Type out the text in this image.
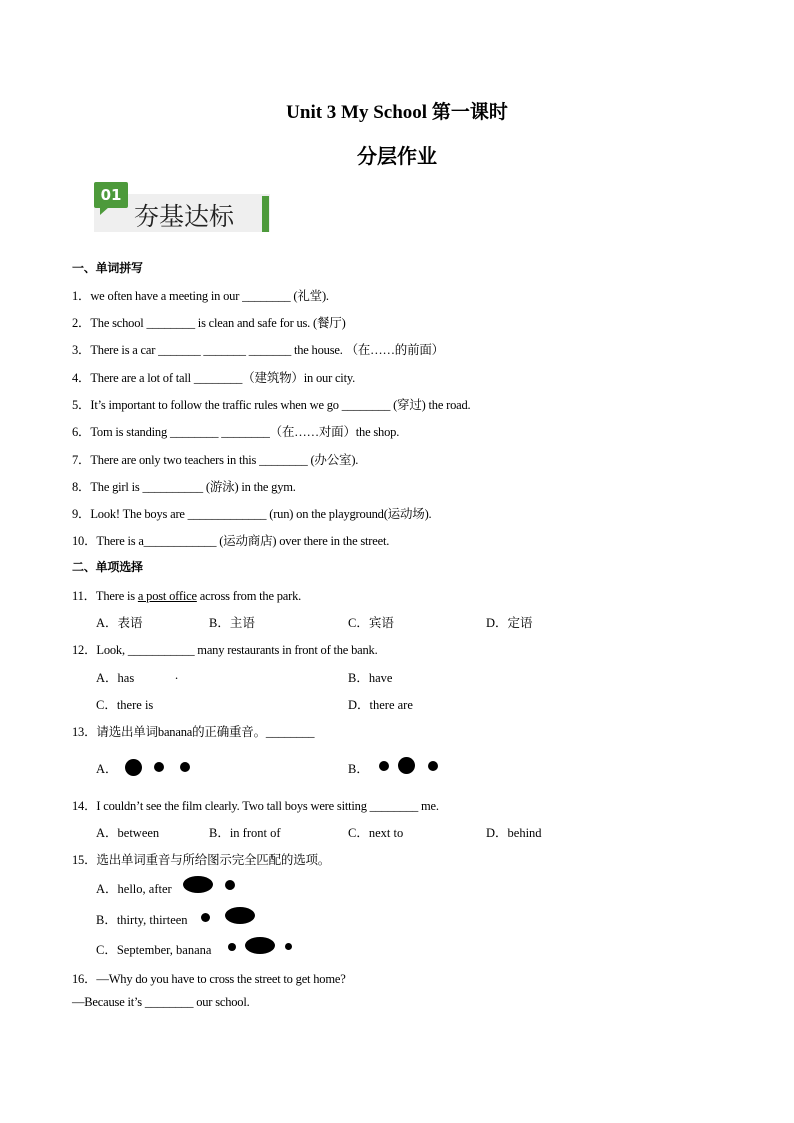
Unit 3 My School 第一课时
分层作业
01
夯基达标
一、单词拼写
1．we often have a meeting in our ________ (礼堂).
2．The school ________ is clean and safe for us. (餐厅)
3．There is a car _______ _______ _______ the house. （在……的前面）
4．There are a lot of tall ________（建筑物）in our city.
5．It’s important to follow the traffic rules when we go ________ (穿过) the road.
6．Tom is standing ________ ________（在……对面）the shop.
7．There are only two teachers in this ________ (办公室).
8．The girl is __________ (游泳) in the gym.
9．Look! The boys are _____________ (run) on the playground(运动场).
10．There is a____________ (运动商店) over there in the street.
二、单项选择
11．There is a post office across from the park.
A．表语	B．主语	C．宾语	D．定语
12．Look, ___________ many restaurants in front of the bank.
A．has	.	B．have
C．there is	D．there are
13．请选出单词banana的正确重音。________
A．	B．
14．I couldn’t see the film clearly. Two tall boys were sitting ________ me.
A．between	B．in front of	C．next to	D．behind
15．选出单词重音与所给图示完全匹配的选项。
A．hello, after
B．thirty, thirteen
C．September, banana
16．—Why do you have to cross the street to get home?
—Because it’s ________ our school.
